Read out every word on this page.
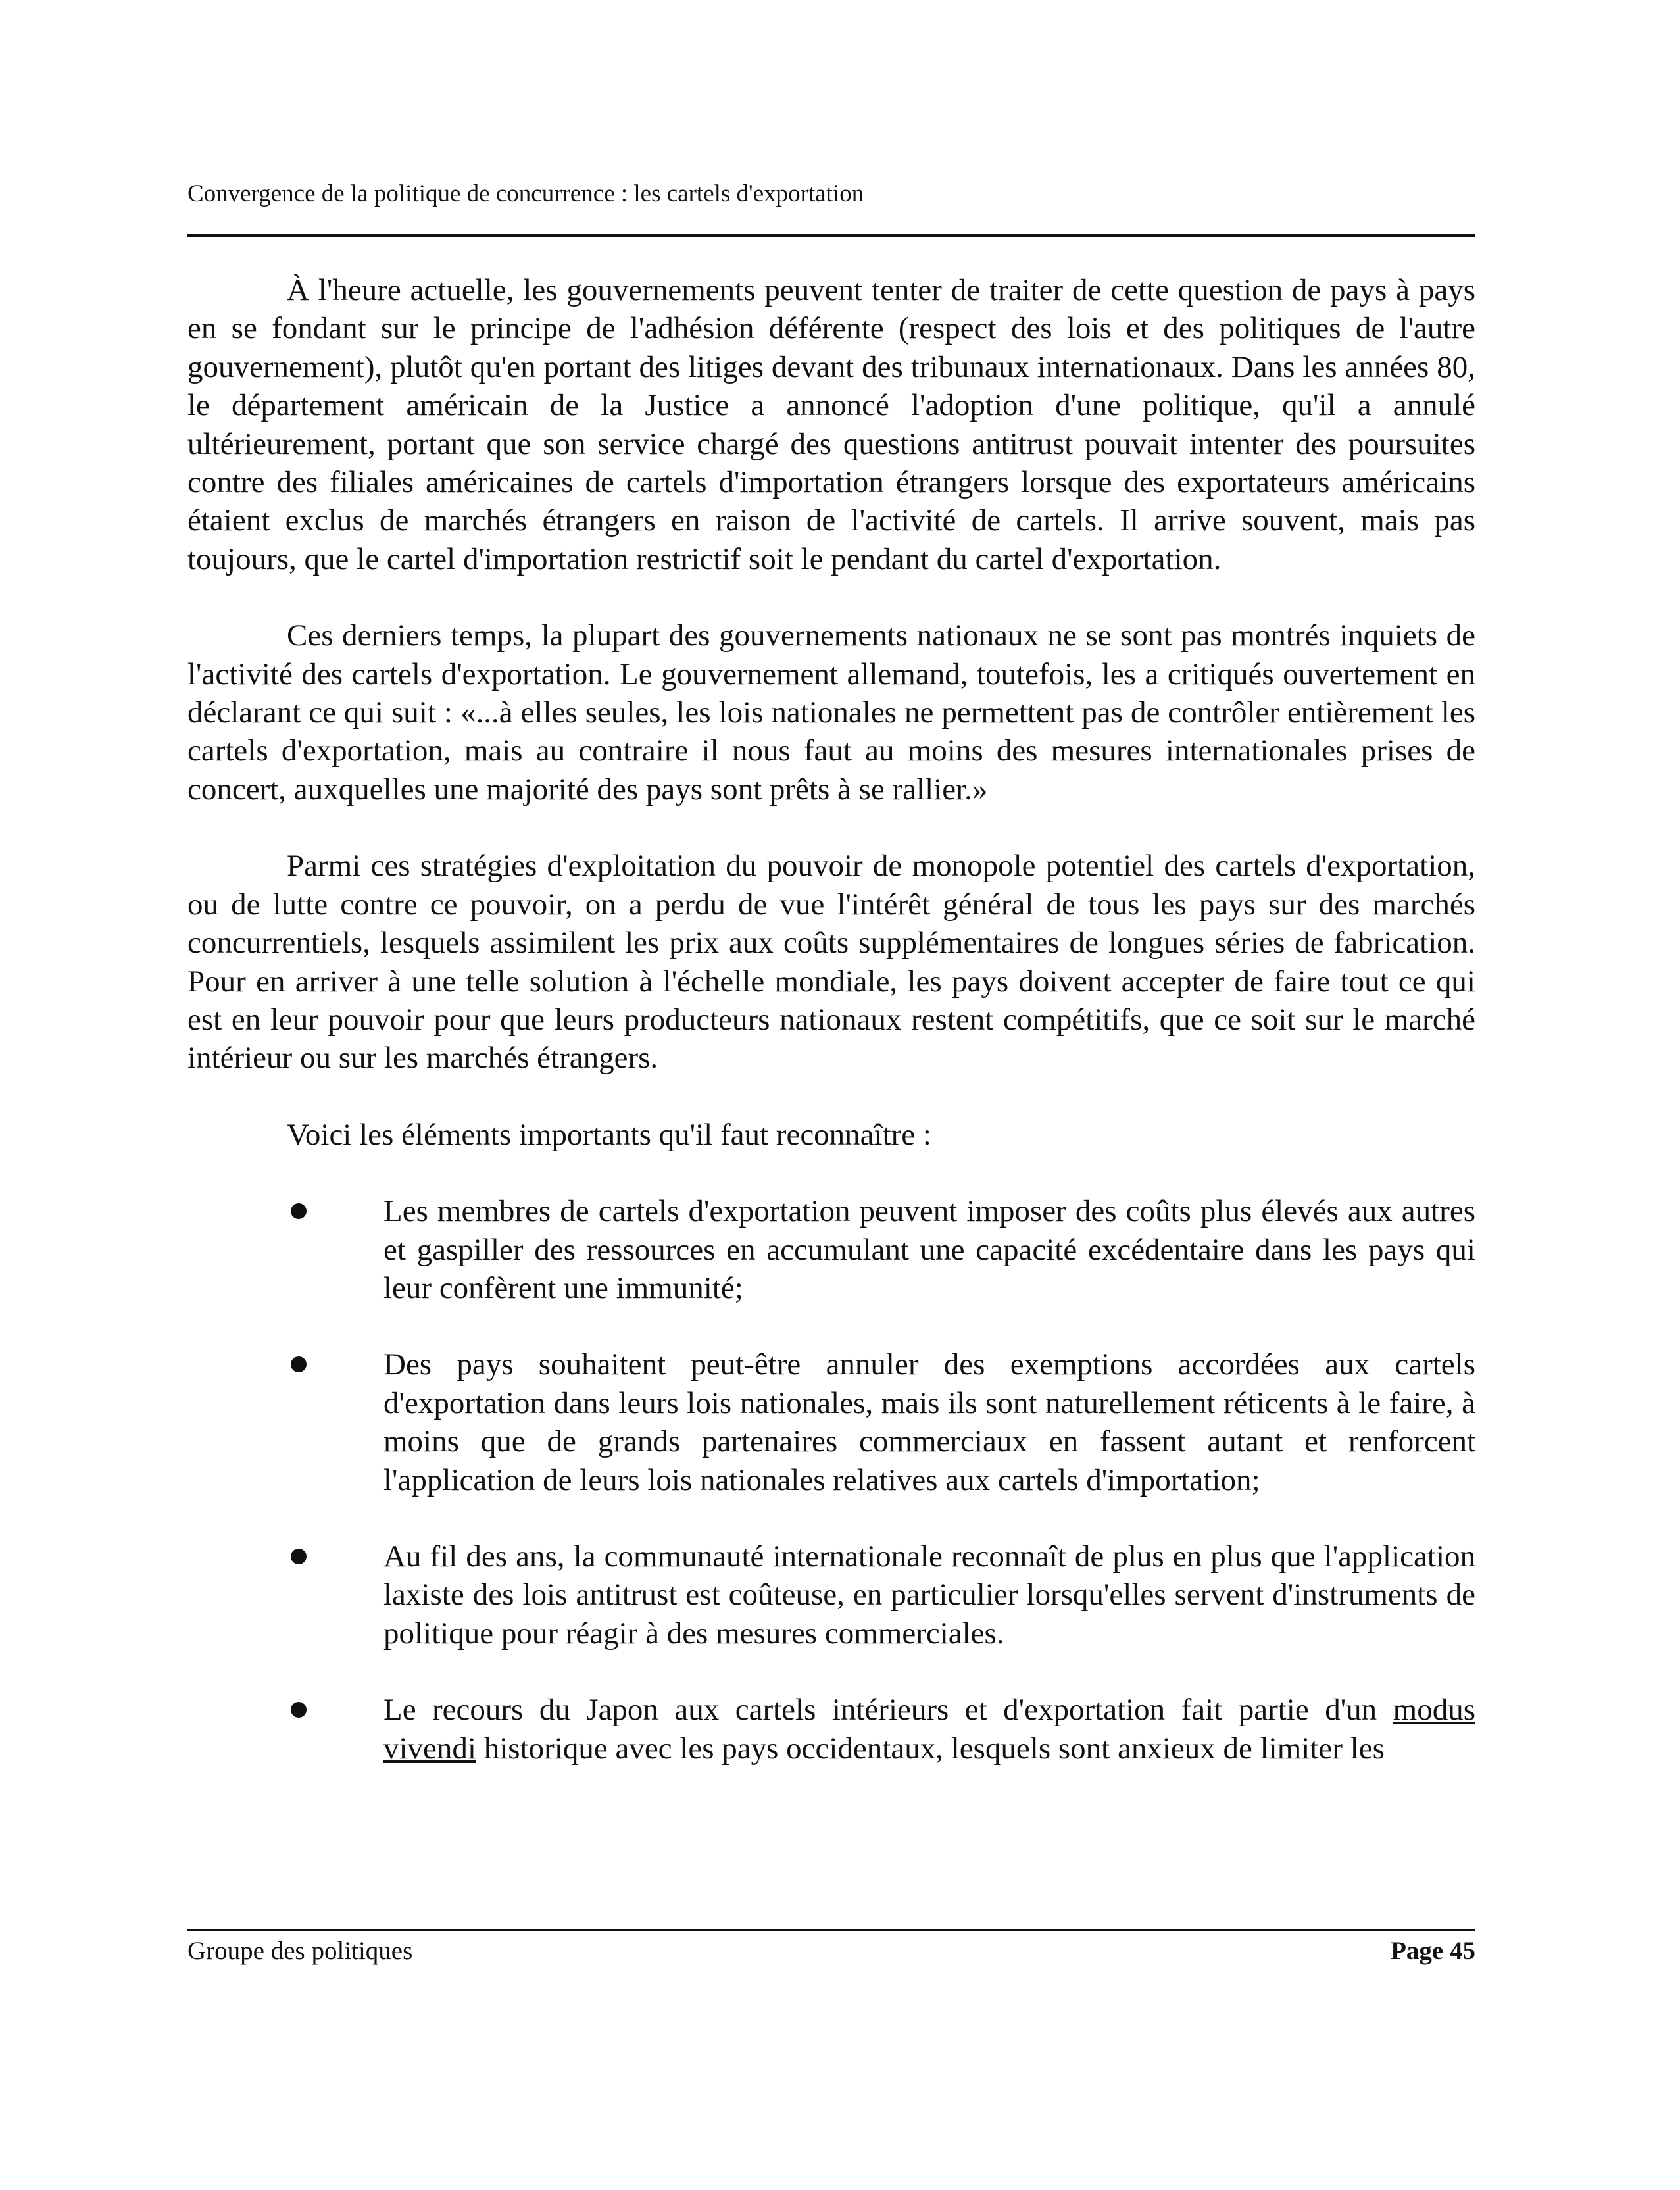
Convergence de la politique de concurrence : les cartels d'exportation

À l'heure actuelle, les gouvernements peuvent tenter de traiter de cette question de pays à pays en se fondant sur le principe de l'adhésion déférente (respect des lois et des politiques de l'autre gouvernement), plutôt qu'en portant des litiges devant des tribunaux internationaux. Dans les années 80, le département américain de la Justice a annoncé l'adoption d'une politique, qu'il a annulé ultérieurement, portant que son service chargé des questions antitrust pouvait intenter des poursuites contre des filiales américaines de cartels d'importation étrangers lorsque des exportateurs américains étaient exclus de marchés étrangers en raison de l'activité de cartels. Il arrive souvent, mais pas toujours, que le cartel d'importation restrictif soit le pendant du cartel d'exportation.

Ces derniers temps, la plupart des gouvernements nationaux ne se sont pas montrés inquiets de l'activité des cartels d'exportation. Le gouvernement allemand, toutefois, les a critiqués ouvertement en déclarant ce qui suit : «...à elles seules, les lois nationales ne permettent pas de contrôler entièrement les cartels d'exportation, mais au contraire il nous faut au moins des mesures internationales prises de concert, auxquelles une majorité des pays sont prêts à se rallier.»

Parmi ces stratégies d'exploitation du pouvoir de monopole potentiel des cartels d'exportation, ou de lutte contre ce pouvoir, on a perdu de vue l'intérêt général de tous les pays sur des marchés concurrentiels, lesquels assimilent les prix aux coûts supplémentaires de longues séries de fabrication. Pour en arriver à une telle solution à l'échelle mondiale, les pays doivent accepter de faire tout ce qui est en leur pouvoir pour que leurs producteurs nationaux restent compétitifs, que ce soit sur le marché intérieur ou sur les marchés étrangers.

Voici les éléments importants qu'il faut reconnaître :

Les membres de cartels d'exportation peuvent imposer des coûts plus élevés aux autres et gaspiller des ressources en accumulant une capacité excédentaire dans les pays qui leur confèrent une immunité;
Des pays souhaitent peut-être annuler des exemptions accordées aux cartels d'exportation dans leurs lois nationales, mais ils sont naturellement réticents à le faire, à moins que de grands partenaires commerciaux en fassent autant et renforcent l'application de leurs lois nationales relatives aux cartels d'importation;
Au fil des ans, la communauté internationale reconnaît de plus en plus que l'application laxiste des lois antitrust est coûteuse, en particulier lorsqu'elles servent d'instruments de politique pour réagir à des mesures commerciales.
Le recours du Japon aux cartels intérieurs et d'exportation fait partie d'un modus vivendi historique avec les pays occidentaux, lesquels sont anxieux de limiter les
Groupe des politiques	Page 45
